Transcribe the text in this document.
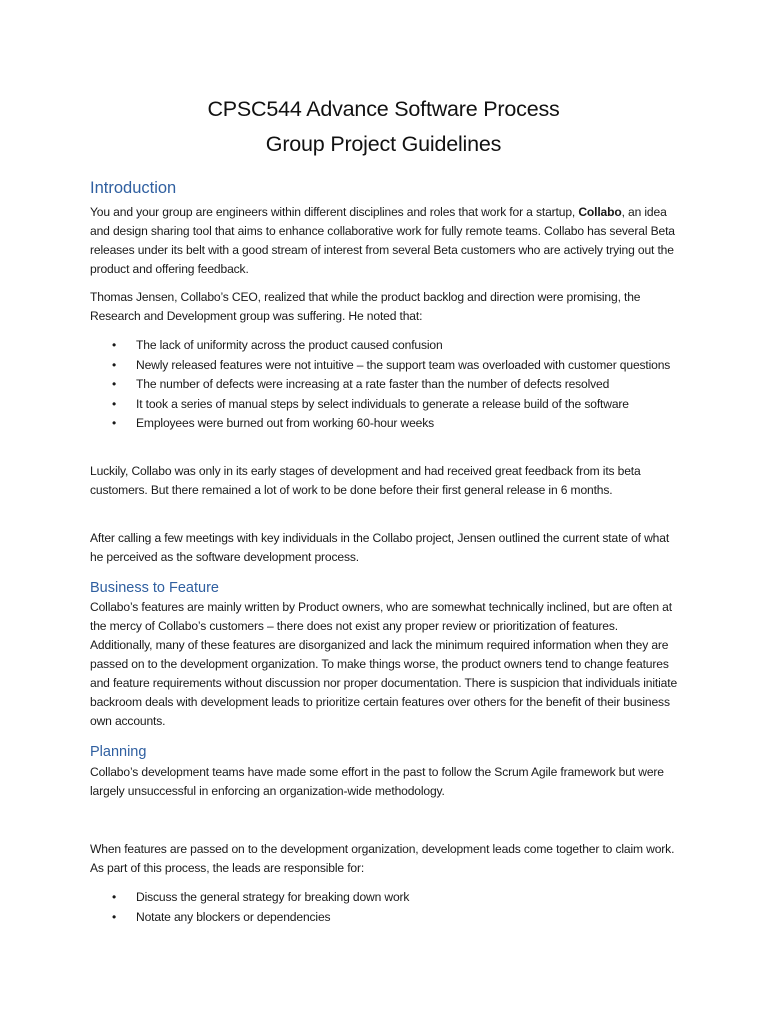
CPSC544 Advance Software Process
Group Project Guidelines
Introduction

You and your group are engineers within different disciplines and roles that work for a startup, Collabo, an idea and design sharing tool that aims to enhance collaborative work for fully remote teams. Collabo has several Beta releases under its belt with a good stream of interest from several Beta customers who are actively trying out the product and offering feedback.

Thomas Jensen, Collabo’s CEO, realized that while the product backlog and direction were promising, the Research and Development group was suffering. He noted that:

• The lack of uniformity across the product caused confusion
• Newly released features were not intuitive – the support team was overloaded with customer questions
• The number of defects were increasing at a rate faster than the number of defects resolved
• It took a series of manual steps by select individuals to generate a release build of the software
• Employees were burned out from working 60-hour weeks

Luckily, Collabo was only in its early stages of development and had received great feedback from its beta customers. But there remained a lot of work to be done before their first general release in 6 months.

After calling a few meetings with key individuals in the Collabo project, Jensen outlined the current state of what he perceived as the software development process.

Business to Feature

Collabo’s features are mainly written by Product owners, who are somewhat technically inclined, but are often at the mercy of Collabo’s customers – there does not exist any proper review or prioritization of features. Additionally, many of these features are disorganized and lack the minimum required information when they are passed on to the development organization. To make things worse, the product owners tend to change features and feature requirements without discussion nor proper documentation. There is suspicion that individuals initiate backroom deals with development leads to prioritize certain features over others for the benefit of their business own accounts.

Planning

Collabo’s development teams have made some effort in the past to follow the Scrum Agile framework but were largely unsuccessful in enforcing an organization-wide methodology.

When features are passed on to the development organization, development leads come together to claim work. As part of this process, the leads are responsible for:

• Discuss the general strategy for breaking down work
• Notate any blockers or dependencies
